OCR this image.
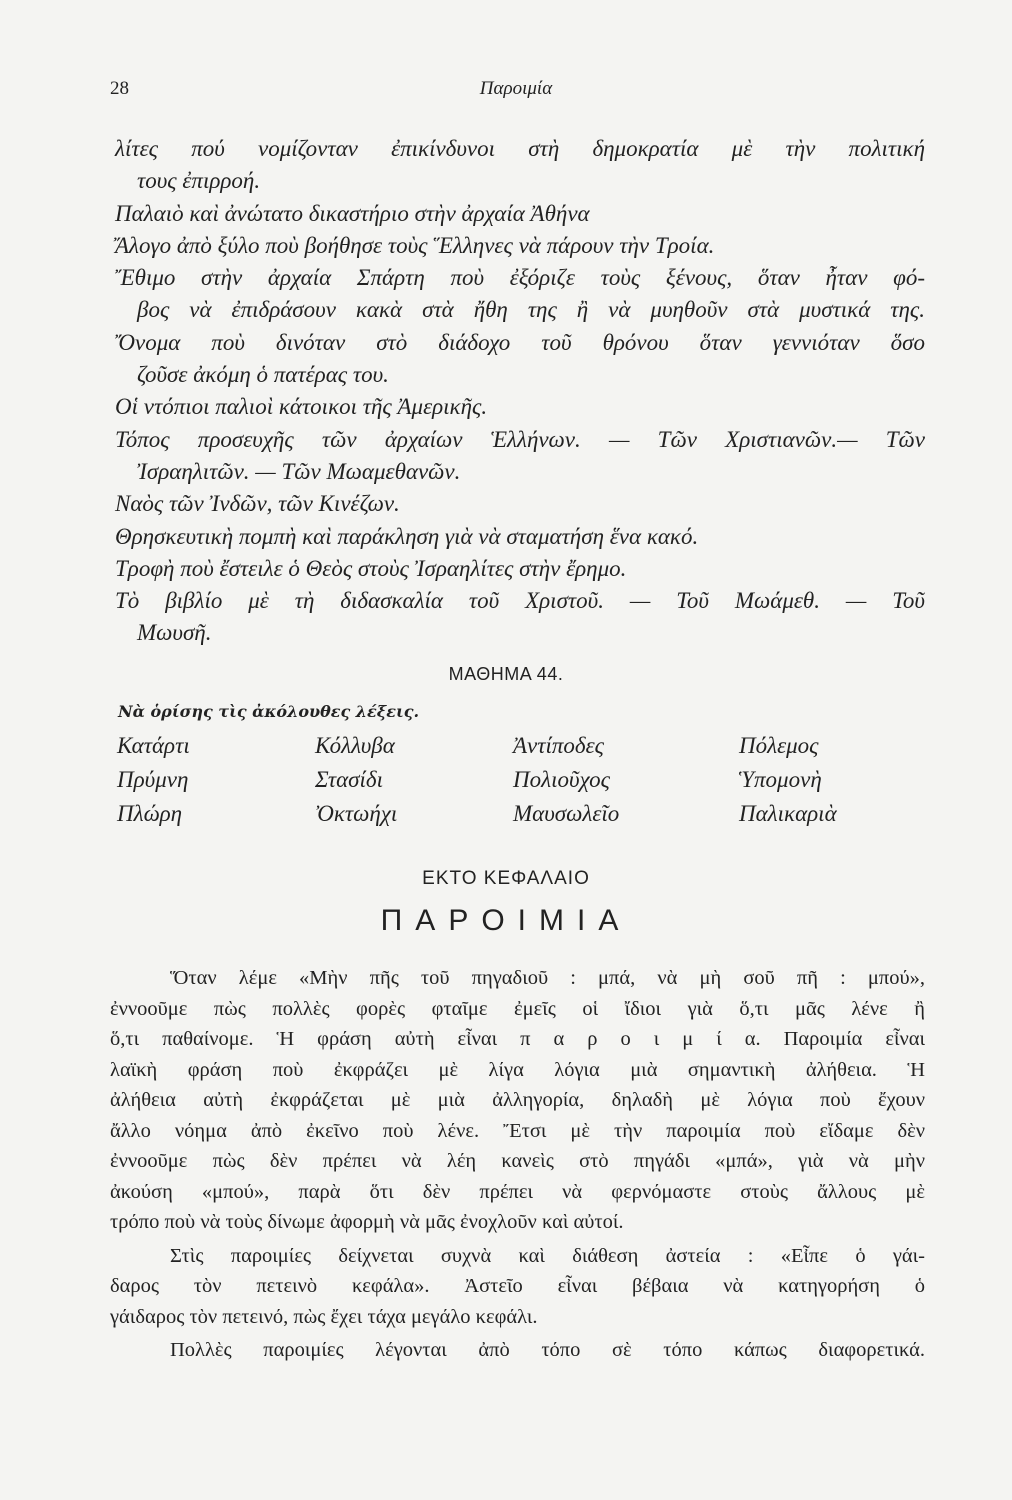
28	Παροιμία
λίτες πού νομίζονταν ἐπικίνδυνοι στὴ δημοκρατία μὲ τὴν πολιτική
τους ἐπιρροή.
Παλαιὸ καὶ ἀνώτατο δικαστήριο στὴν ἀρχαία Ἀθήνα
Ἄλογο ἀπὸ ξύλο ποὺ βοήθησε τοὺς Ἕλληνες νὰ πάρουν τὴν Τροία.
Ἔθιμο στὴν ἀρχαία Σπάρτη ποὺ ἐξόριζε τοὺς ξένους, ὅταν ἦταν φό-
βος νὰ ἐπιδράσουν κακὰ στὰ ἤθη της ἢ νὰ μυηθοῦν στὰ μυστικά της.
Ὄνομα ποὺ δινόταν στὸ διάδοχο τοῦ θρόνου ὅταν γεννιόταν ὅσο
ζοῦσε ἀκόμη ὁ πατέρας του.
Οἱ ντόπιοι παλιοὶ κάτοικοι τῆς Ἀμερικῆς.
Τόπος προσευχῆς τῶν ἀρχαίων Ἑλλήνων. — Τῶν Χριστιανῶν.— Τῶν
Ἰσραηλιτῶν. — Τῶν Μωαμεθανῶν.
Ναὸς τῶν Ἰνδῶν, τῶν Κινέζων.
Θρησκευτικὴ πομπὴ καὶ παράκληση γιὰ νὰ σταματήση ἕνα κακό.
Τροφὴ ποὺ ἔστειλε ὁ Θεὸς στοὺς Ἰσραηλίτες στὴν ἔρημο.
Τὸ βιβλίο μὲ τὴ διδασκαλία τοῦ Χριστοῦ. — Τοῦ Μωάμεθ. — Τοῦ
Μωυσῆ.
ΜΑΘΗΜΑ 44.
Νὰ ὁρίσης τὶς ἀκόλουθες λέξεις.
Κατάρτι	Κόλλυβα	Ἀντίποδες	Πόλεμος
Πρύμνη	Στασίδι	Πολιοῦχος	Ὑπομονὴ
Πλώρη	Ὀκτωήχι	Μαυσωλεῖο	Παλικαριὰ
ΕΚΤΟ ΚΕΦΑΛΑΙΟ
ΠΑΡΟΙΜΙΑ
Ὅταν λέμε «Μὴν πῆς τοῦ πηγαδιοῦ : μπά, νὰ μὴ σοῦ πῆ : μπού»,
ἐννοοῦμε πὼς πολλὲς φορὲς φταῖμε ἐμεῖς οἱ ἴδιοι γιὰ ὅ,τι μᾶς λένε ἢ
ὅ,τι παθαίνομε. Ἡ φράση αὐτὴ εἶναι π α ρ ο ι μ ί α. Παροιμία εἶναι
λαϊκὴ φράση ποὺ ἐκφράζει μὲ λίγα λόγια μιὰ σημαντικὴ ἀλήθεια. Ἡ
ἀλήθεια αὐτὴ ἐκφράζεται μὲ μιὰ ἀλληγορία, δηλαδὴ μὲ λόγια ποὺ ἔχουν
ἄλλο νόημα ἀπὸ ἐκεῖνο ποὺ λένε. Ἔτσι μὲ τὴν παροιμία ποὺ εἴδαμε δὲν
ἐννοοῦμε πὼς δὲν πρέπει νὰ λέη κανεὶς στὸ πηγάδι «μπά», γιὰ νὰ μὴν
ἀκούση «μπού», παρὰ ὅτι δὲν πρέπει νὰ φερνόμαστε στοὺς ἄλλους μὲ
τρόπο ποὺ νὰ τοὺς δίνωμε ἀφορμὴ νὰ μᾶς ἐνοχλοῦν καὶ αὐτοί.
Στὶς παροιμίες δείχνεται συχνὰ καὶ διάθεση ἀστεία : «Εἶπε ὁ γάι-
δαρος τὸν πετεινὸ κεφάλα». Ἀστεῖο εἶναι βέβαια νὰ κατηγορήση ὁ
γάιδαρος τὸν πετεινό, πὼς ἔχει τάχα μεγάλο κεφάλι.
Πολλὲς παροιμίες λέγονται ἀπὸ τόπο σὲ τόπο κάπως διαφορετικά.
